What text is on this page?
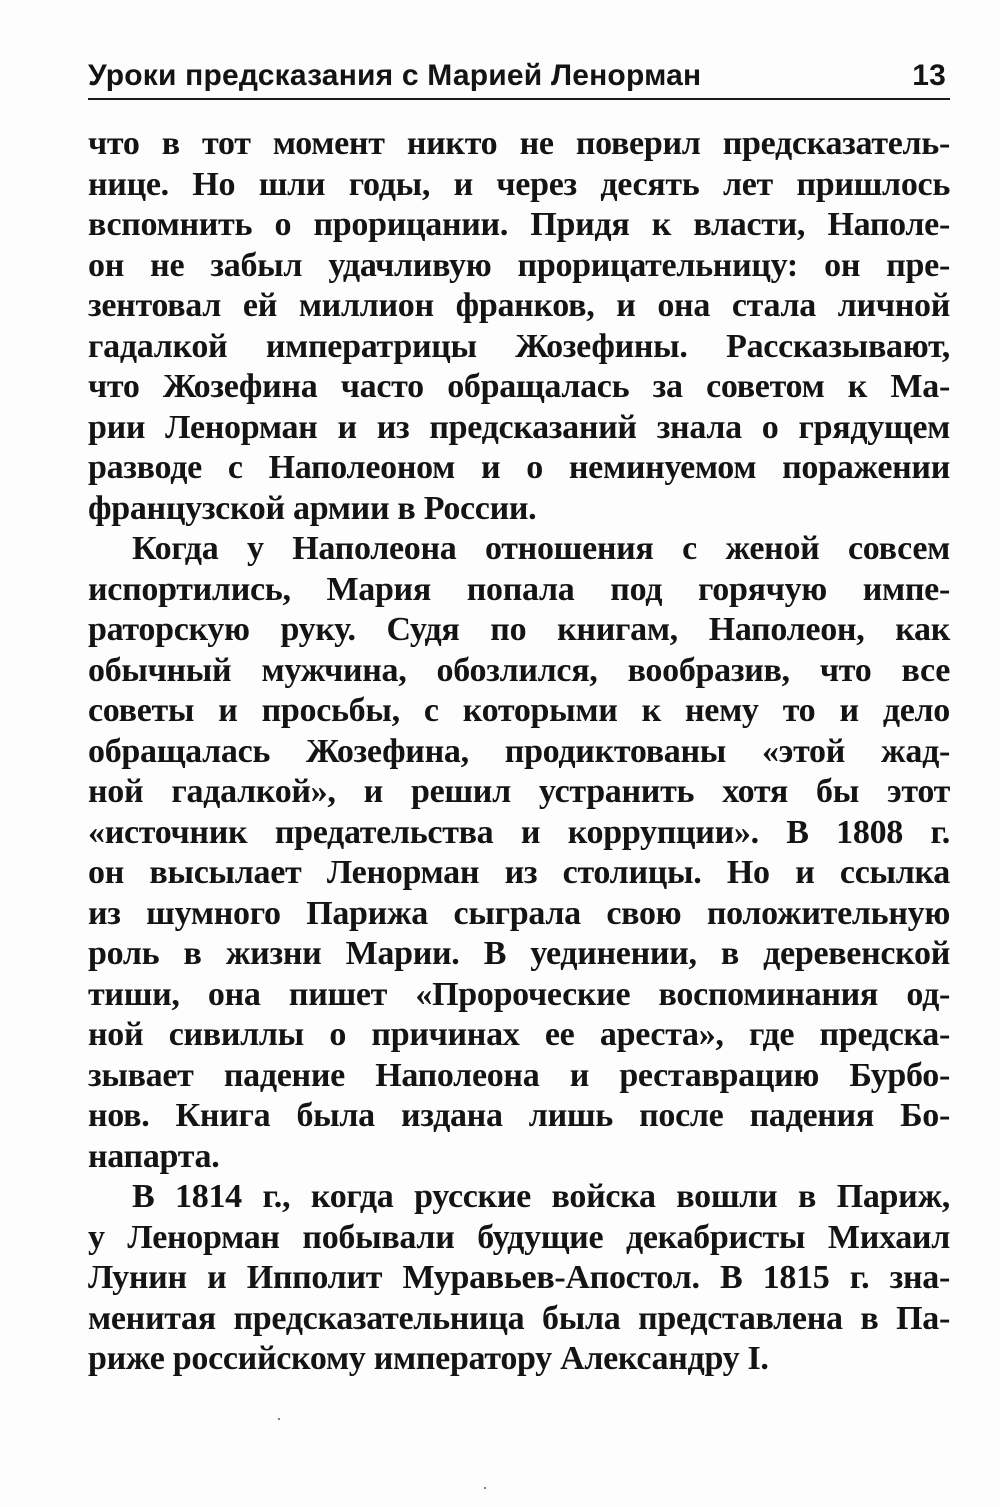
Уроки предсказания с Марией Ленорман	13
что в тот момент никто не поверил предсказатель-
нице. Но шли годы, и через десять лет пришлось
вспомнить о прорицании. Придя к власти, Наполе-
он не забыл удачливую прорицательницу: он пре-
зентовал ей миллион франков, и она стала личной
гадалкой императрицы Жозефины. Рассказывают,
что Жозефина часто обращалась за советом к Ма-
рии Ленорман и из предсказаний знала о грядущем
разводе с Наполеоном и о неминуемом поражении
французской армии в России.
Когда у Наполеона отношения с женой совсем
испортились, Мария попала под горячую импе-
раторскую руку. Судя по книгам, Наполеон, как
обычный мужчина, обозлился, вообразив, что все
советы и просьбы, с которыми к нему то и дело
обращалась Жозефина, продиктованы «этой жад-
ной гадалкой», и решил устранить хотя бы этот
«источник предательства и коррупции». В 1808 г.
он высылает Ленорман из столицы. Но и ссылка
из шумного Парижа сыграла свою положительную
роль в жизни Марии. В уединении, в деревенской
тиши, она пишет «Пророческие воспоминания од-
ной сивиллы о причинах ее ареста», где предска-
зывает падение Наполеона и реставрацию Бурбо-
нов. Книга была издана лишь после падения Бо-
напарта.
В 1814 г., когда русские войска вошли в Париж,
у Ленорман побывали будущие декабристы Михаил
Лунин и Ипполит Муравьев-Апостол. В 1815 г. зна-
менитая предсказательница была представлена в Па-
риже российскому императору Александру I.
